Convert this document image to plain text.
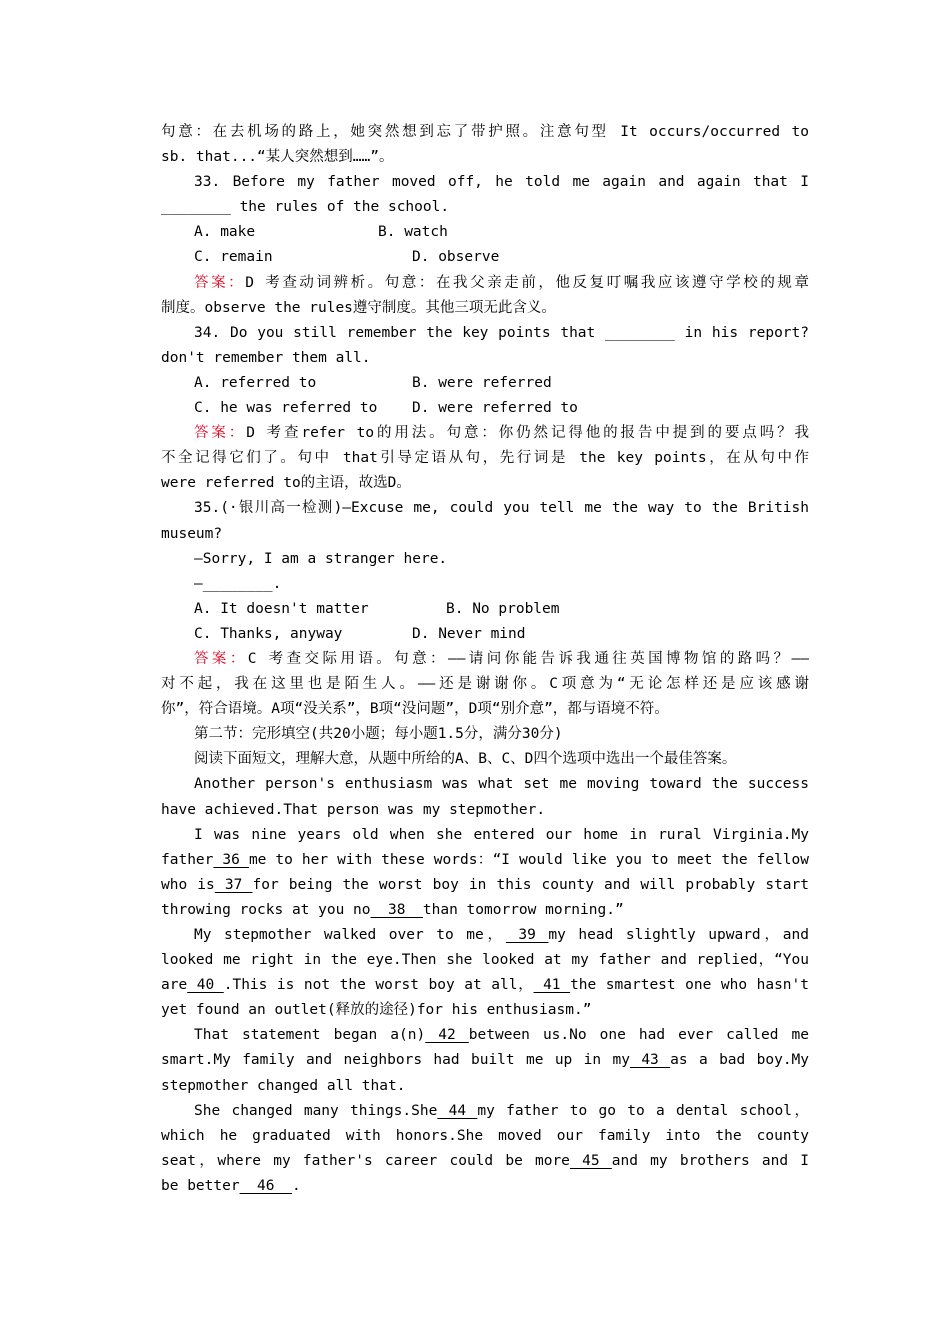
句意：在去机场的路上，她突然想到忘了带护照。注意句型 It occurs/occurred to
sb. that...“某人突然想到……”。
33. Before my father moved off, he told me again and again that I
________ the rules of the school.
A. make	B. watch
C. remain	D. observe
答案：D 考查动词辨析。句意：在我父亲走前，他反复叮嘱我应该遵守学校的规章
制度。observe the rules遵守制度。其他三项无此含义。
34. Do you still remember the key points that ________ in his report?
don't remember them all.
A. referred to	B. were referred
C. he was referred to	D. were referred to
答案：D 考查refer to的用法。句意：你仍然记得他的报告中提到的要点吗？我
不全记得它们了。句中 that引导定语从句，先行词是 the key points，在从句中作
were referred to的主语，故选D。
35.(·银川高一检测)—Excuse me, could you tell me the way to the British
museum?
—Sorry, I am a stranger here.
—________.
A. It doesn't matter	B. No problem
C. Thanks, anyway	D. Never mind
答案：C 考查交际用语。句意：——请问你能告诉我通往英国博物馆的路吗？——
对不起，我在这里也是陌生人。——还是谢谢你。C项意为“无论怎样还是应该感谢
你”，符合语境。A项“没关系”，B项“没问题”，D项“别介意”，都与语境不符。
第二节：完形填空(共20小题；每小题1.5分，满分30分)
阅读下面短文，理解大意，从题中所给的A、B、C、D四个选项中选出一个最佳答案。
Another person's enthusiasm was what set me moving toward the success
have achieved.That person was my stepmother.
I was nine years old when she entered our home in rural Virginia.My
father 36 me to her with these words：“I would like you to meet the fellow
who is 37 for being the worst boy in this county and will probably start
throwing rocks at you no  38  than tomorrow morning.”
My stepmother walked over to me， 39 my head slightly upward，and
looked me right in the eye.Then she looked at my father and replied，“You
are 40 .This is not the worst boy at all， 41 the smartest one who hasn't
yet found an outlet(释放的途径)for his enthusiasm.”
That statement began a(n) 42 between us.No one had ever called me
smart.My family and neighbors had built me up in my 43 as a bad boy.My
stepmother changed all that.
She changed many things.She 44 my father to go to a dental school，
which he graduated with honors.She moved our family into the county
seat，where my father's career could be more 45 and my brothers and I
be better  46  .
